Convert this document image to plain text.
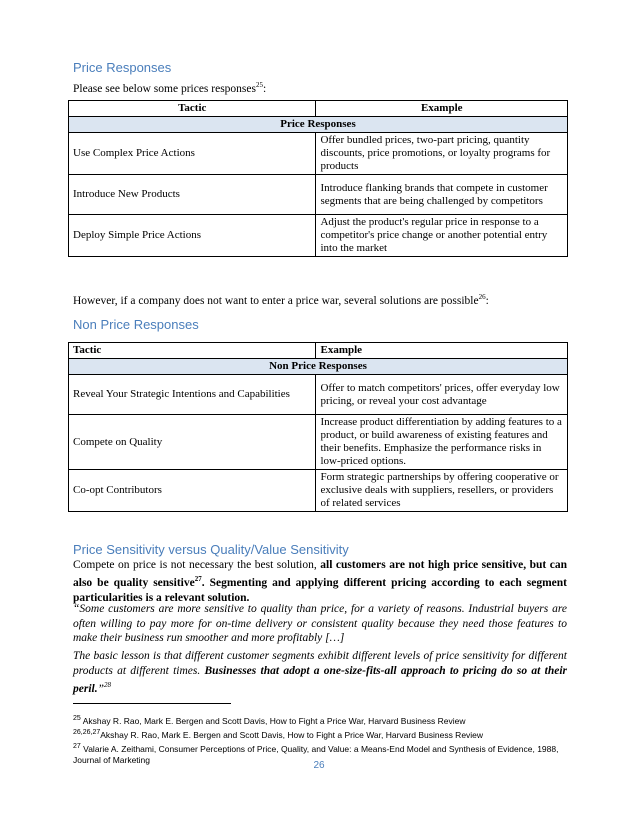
Price Responses
Please see below some prices responses$^{25}$:
Tactic	Example
Price Responses	
Use Complex Price Actions	Offer bundled prices, two-part pricing, quantity discounts, price promotions, or loyalty programs for products
Introduce New Products	Introduce flanking brands that compete in customer segments that are being challenged by competitors
Deploy Simple Price Actions	Adjust the product's regular price in response to a competitor's price change or another potential entry into the market
However, if a company does not want to enter a price war, several solutions are possible$^{26}$:
Non Price Responses
Tactic	Example
Non Price Responses	
Reveal Your Strategic Intentions and Capabilities	Offer to match competitors' prices, offer everyday low pricing, or reveal your cost advantage
Compete on Quality	Increase product differentiation by adding features to a product, or build awareness of existing features and their benefits. Emphasize the performance risks in low-priced options.
Co-opt Contributors	Form strategic partnerships by offering cooperative or exclusive deals with suppliers, resellers, or providers of related services
Price Sensitivity versus Quality/Value Sensitivity
Compete on price is not necessary the best solution, all customers are not high price sensitive, but can also be quality sensitive$^{27}$. Segmenting and applying different pricing according to each segment particularities is a relevant solution.
“Some customers are more sensitive to quality than price, for a variety of reasons. Industrial buyers are often willing to pay more for on-time delivery or consistent quality because they need those features to make their business run smoother and more profitably […]
The basic lesson is that different customer segments exhibit different levels of price sensitivity for different products at different times. Businesses that adopt a one-size-fits-all approach to pricing do so at their peril.”$^{28}$
$^{25}$ Akshay R. Rao, Mark E. Bergen and Scott Davis, How to Fight a Price War, Harvard Business Review
$^{26,26,27}$Akshay R. Rao, Mark E. Bergen and Scott Davis, How to Fight a Price War, Harvard Business Review
$^{27}$ Valarie A. Zeithami, Consumer Perceptions of Price, Quality, and Value: a Means-End Model and Synthesis of Evidence, 1988, Journal of Marketing	26
